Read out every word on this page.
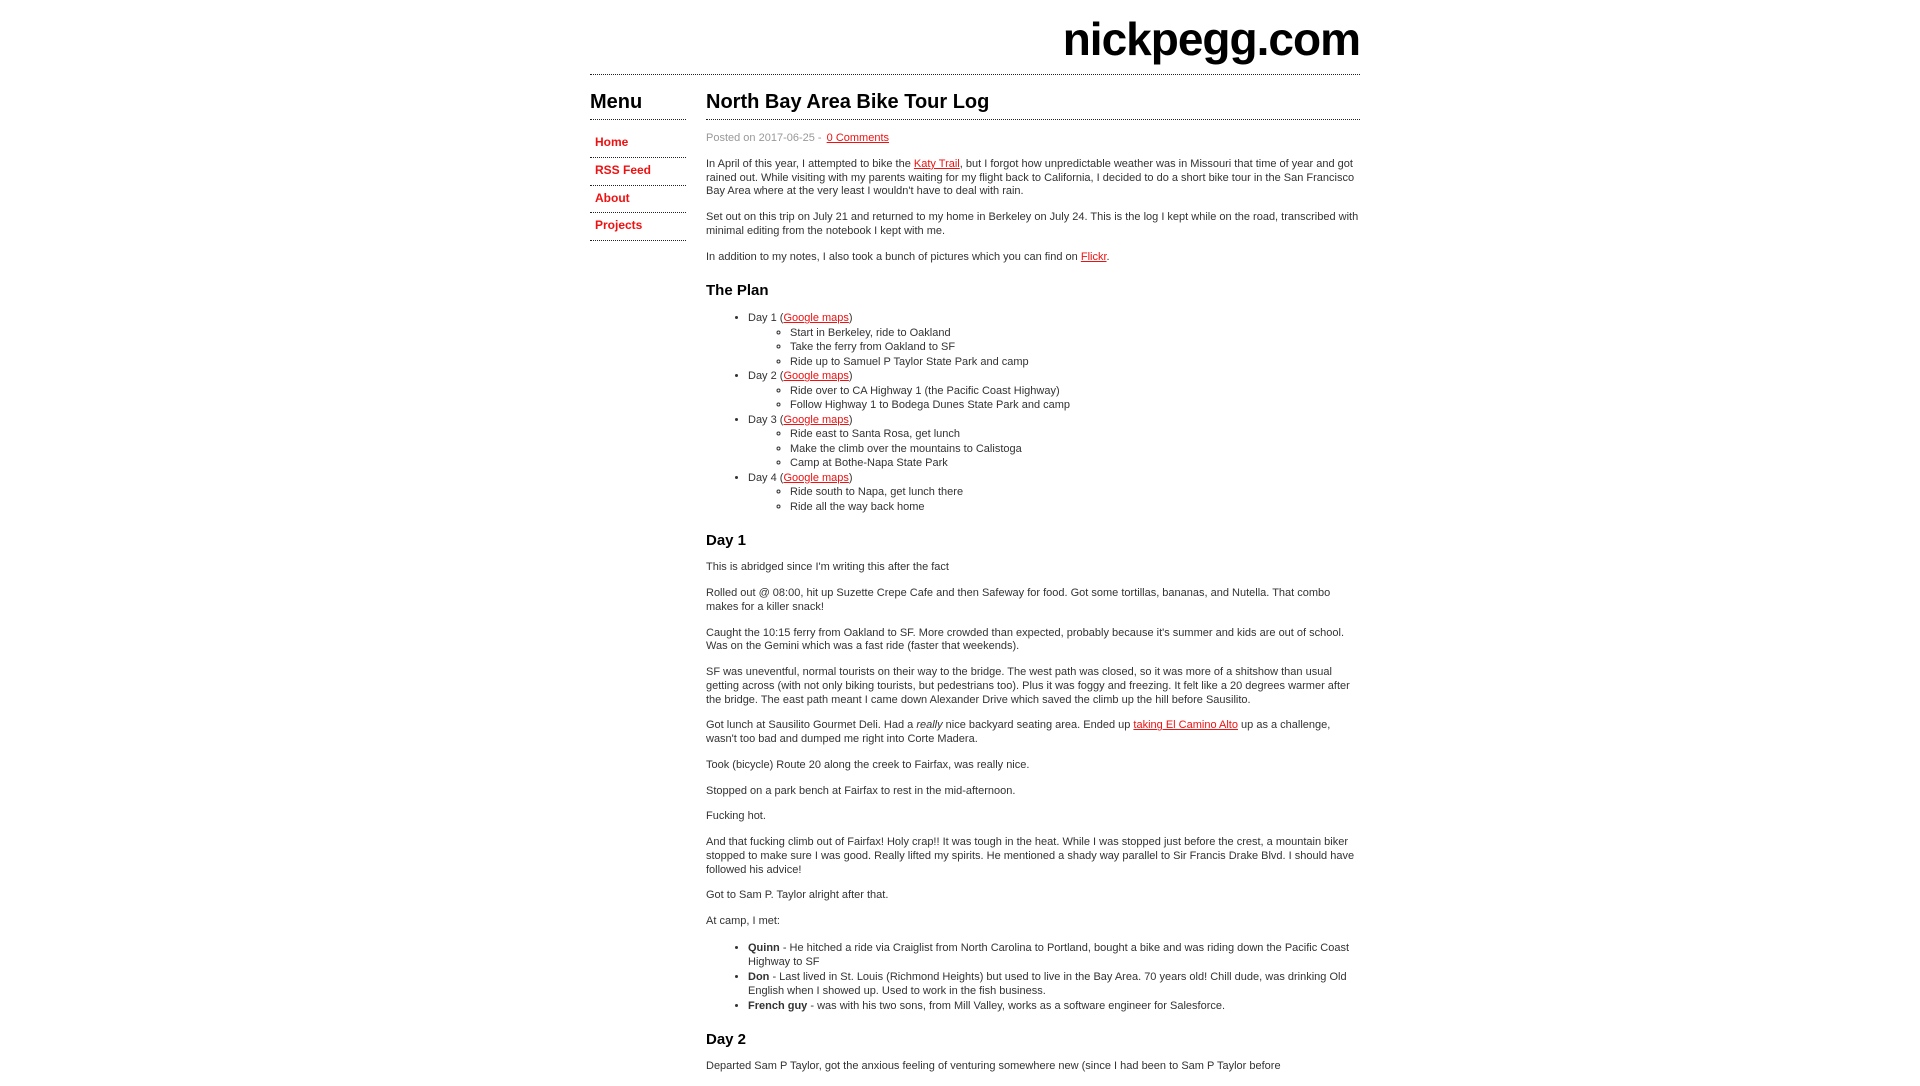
nickpegg.com
Menu
Home
RSS Feed
About
Projects
North Bay Area Bike Tour Log

Posted on 2017-06-25 - 0 Comments

In April of this year, I attempted to bike the Katy Trail, but I forgot how unpredictable weather was in Missouri that time of year and got rained out. While visiting with my parents waiting for my flight back to California, I decided to do a short bike tour in the San Francisco Bay Area where at the very least I wouldn't have to deal with rain.

Set out on this trip on July 21 and returned to my home in Berkeley on July 24. This is the log I kept while on the road, transcribed with minimal editing from the notebook I kept with me.

In addition to my notes, I also took a bunch of pictures which you can find on Flickr.

The Plan
• Day 1 (Google maps)
◦ Start in Berkeley, ride to Oakland
◦ Take the ferry from Oakland to SF
◦ Ride up to Samuel P Taylor State Park and camp
• Day 2 (Google maps)
◦ Ride over to CA Highway 1 (the Pacific Coast Highway)
◦ Follow Highway 1 to Bodega Dunes State Park and camp
• Day 3 (Google maps)
◦ Ride east to Santa Rosa, get lunch
◦ Make the climb over the mountains to Calistoga
◦ Camp at Bothe-Napa State Park
• Day 4 (Google maps)
◦ Ride south to Napa, get lunch there
◦ Ride all the way back home
Day 1

This is abridged since I'm writing this after the fact

Rolled out @ 08:00, hit up Suzette Crepe Cafe and then Safeway for food. Got some tortillas, bananas, and Nutella. That combo makes for a killer snack!

Caught the 10:15 ferry from Oakland to SF. More crowded than expected, probably because it's summer and kids are out of school. Was on the Gemini which was a fast ride (faster that weekends).

SF was uneventful, normal tourists on their way to the bridge. The west path was closed, so it was more of a shitshow than usual getting across (with not only biking tourists, but pedestrians too). Plus it was foggy and freezing. It felt like a 20 degrees warmer after the bridge. The east path meant I came down Alexander Drive which saved the climb up the hill before Sausilito.

Got lunch at Sausilito Gourmet Deli. Had a really nice backyard seating area. Ended up taking El Camino Alto up as a challenge, wasn't too bad and dumped me right into Corte Madera.

Took (bicycle) Route 20 along the creek to Fairfax, was really nice.

Stopped on a park bench at Fairfax to rest in the mid-afternoon.

Fucking hot.

And that fucking climb out of Fairfax! Holy crap!! It was tough in the heat. While I was stopped just before the crest, a mountain biker stopped to make sure I was good. Really lifted my spirits. He mentioned a shady way parallel to Sir Francis Drake Blvd. I should have followed his advice!

Got to Sam P. Taylor alright after that.

At camp, I met:

• Quinn - He hitched a ride via Craiglist from North Carolina to Portland, bought a bike and was riding down the Pacific Coast Highway to SF
• Don - Last lived in St. Louis (Richmond Heights) but used to live in the Bay Area. 70 years old! Chill dude, was drinking Old English when I showed up. Used to work in the fish business.
• French guy - was with his two sons, from Mill Valley, works as a software engineer for Salesforce.
Day 2

Departed Sam P Taylor, got the anxious feeling of venturing somewhere new (since I had been to Sam P Taylor before
